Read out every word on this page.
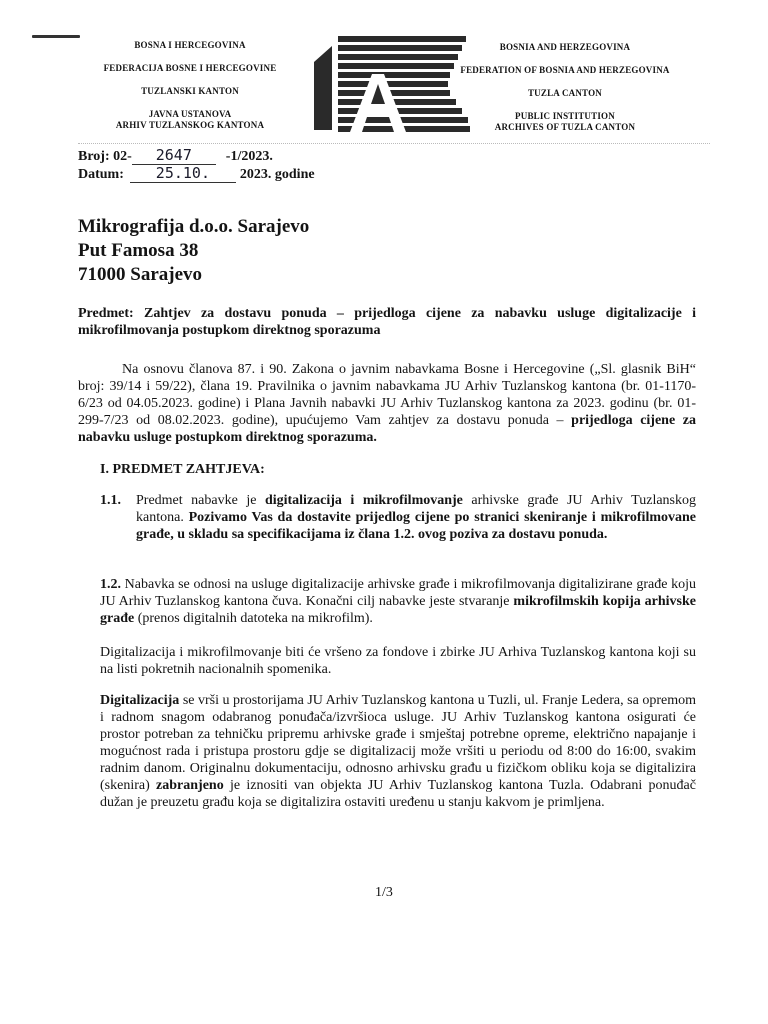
BOSNA I HERCEGOVINA
FEDERACIJA BOSNE I HERCEGOVINE
TUZLANSKI KANTON
JAVNA USTANOVA
ARHIV TUZLANSKOG KANTONA
BOSNIA AND HERZEGOVINA
FEDERATION OF BOSNIA AND HERZEGOVINA
TUZLA CANTON
PUBLIC INSTITUTION
ARCHIVES OF TUZLA CANTON
Broj: 02-	2647	-1/2023.
Datum:	25.10.	2023. godine
Mikrografija d.o.o. Sarajevo
Put Famosa 38
71000 Sarajevo
Predmet: Zahtjev za dostavu ponuda – prijedloga cijene za nabavku usluge digitalizacije i mikrofilmovanja postupkom direktnog sporazuma
Na osnovu članova 87. i 90. Zakona o javnim nabavkama Bosne i Hercegovine („Sl. glasnik BiH“ broj: 39/14 i 59/22), člana 19. Pravilnika o javnim nabavkama JU Arhiv Tuzlanskog kantona (br. 01-1170-6/23 od 04.05.2023. godine) i Plana Javnih nabavki JU Arhiv Tuzlanskog kantona za 2023. godinu (br. 01-299-7/23 od 08.02.2023. godine), upućujemo Vam zahtjev za dostavu ponuda – prijedloga cijene za nabavku usluge postupkom direktnog sporazuma.
I. PREDMET ZAHTJEVA:
1.1.	Predmet nabavke je digitalizacija i mikrofilmovanje arhivske građe JU Arhiv Tuzlanskog kantona. Pozivamo Vas da dostavite prijedlog cijene po stranici skeniranje i mikrofilmovane građe, u skladu sa specifikacijama iz člana 1.2. ovog poziva za dostavu ponuda.
1.2. Nabavka se odnosi na usluge digitalizacije arhivske građe i mikrofilmovanja digitalizirane građe koju JU Arhiv Tuzlanskog kantona čuva. Konačni cilj nabavke jeste stvaranje mikrofilmskih kopija arhivske građe (prenos digitalnih datoteka na mikrofilm).
Digitalizacija i mikrofilmovanje biti će vršeno za fondove i zbirke JU Arhiva Tuzlanskog kantona koji su na listi pokretnih nacionalnih spomenika.
Digitalizacija se vrši u prostorijama JU Arhiv Tuzlanskog kantona u Tuzli, ul. Franje Ledera, sa opremom i radnom snagom odabranog ponuđača/izvršioca usluge. JU Arhiv Tuzlanskog kantona osigurati će prostor potreban za tehničku pripremu arhivske građe i smještaj potrebne opreme, električno napajanje i mogućnost rada i pristupa prostoru gdje se digitalizacij može vršiti u periodu od 8:00 do 16:00, svakim radnim danom. Originalnu dokumentaciju, odnosno arhivsku građu u fizičkom obliku koja se digitalizira (skenira) zabranjeno je iznositi van objekta JU Arhiv Tuzlanskog kantona Tuzla. Odabrani ponuđač dužan je preuzetu građu koja se digitalizira ostaviti uređenu u stanju kakvom je primljena.
1/3
